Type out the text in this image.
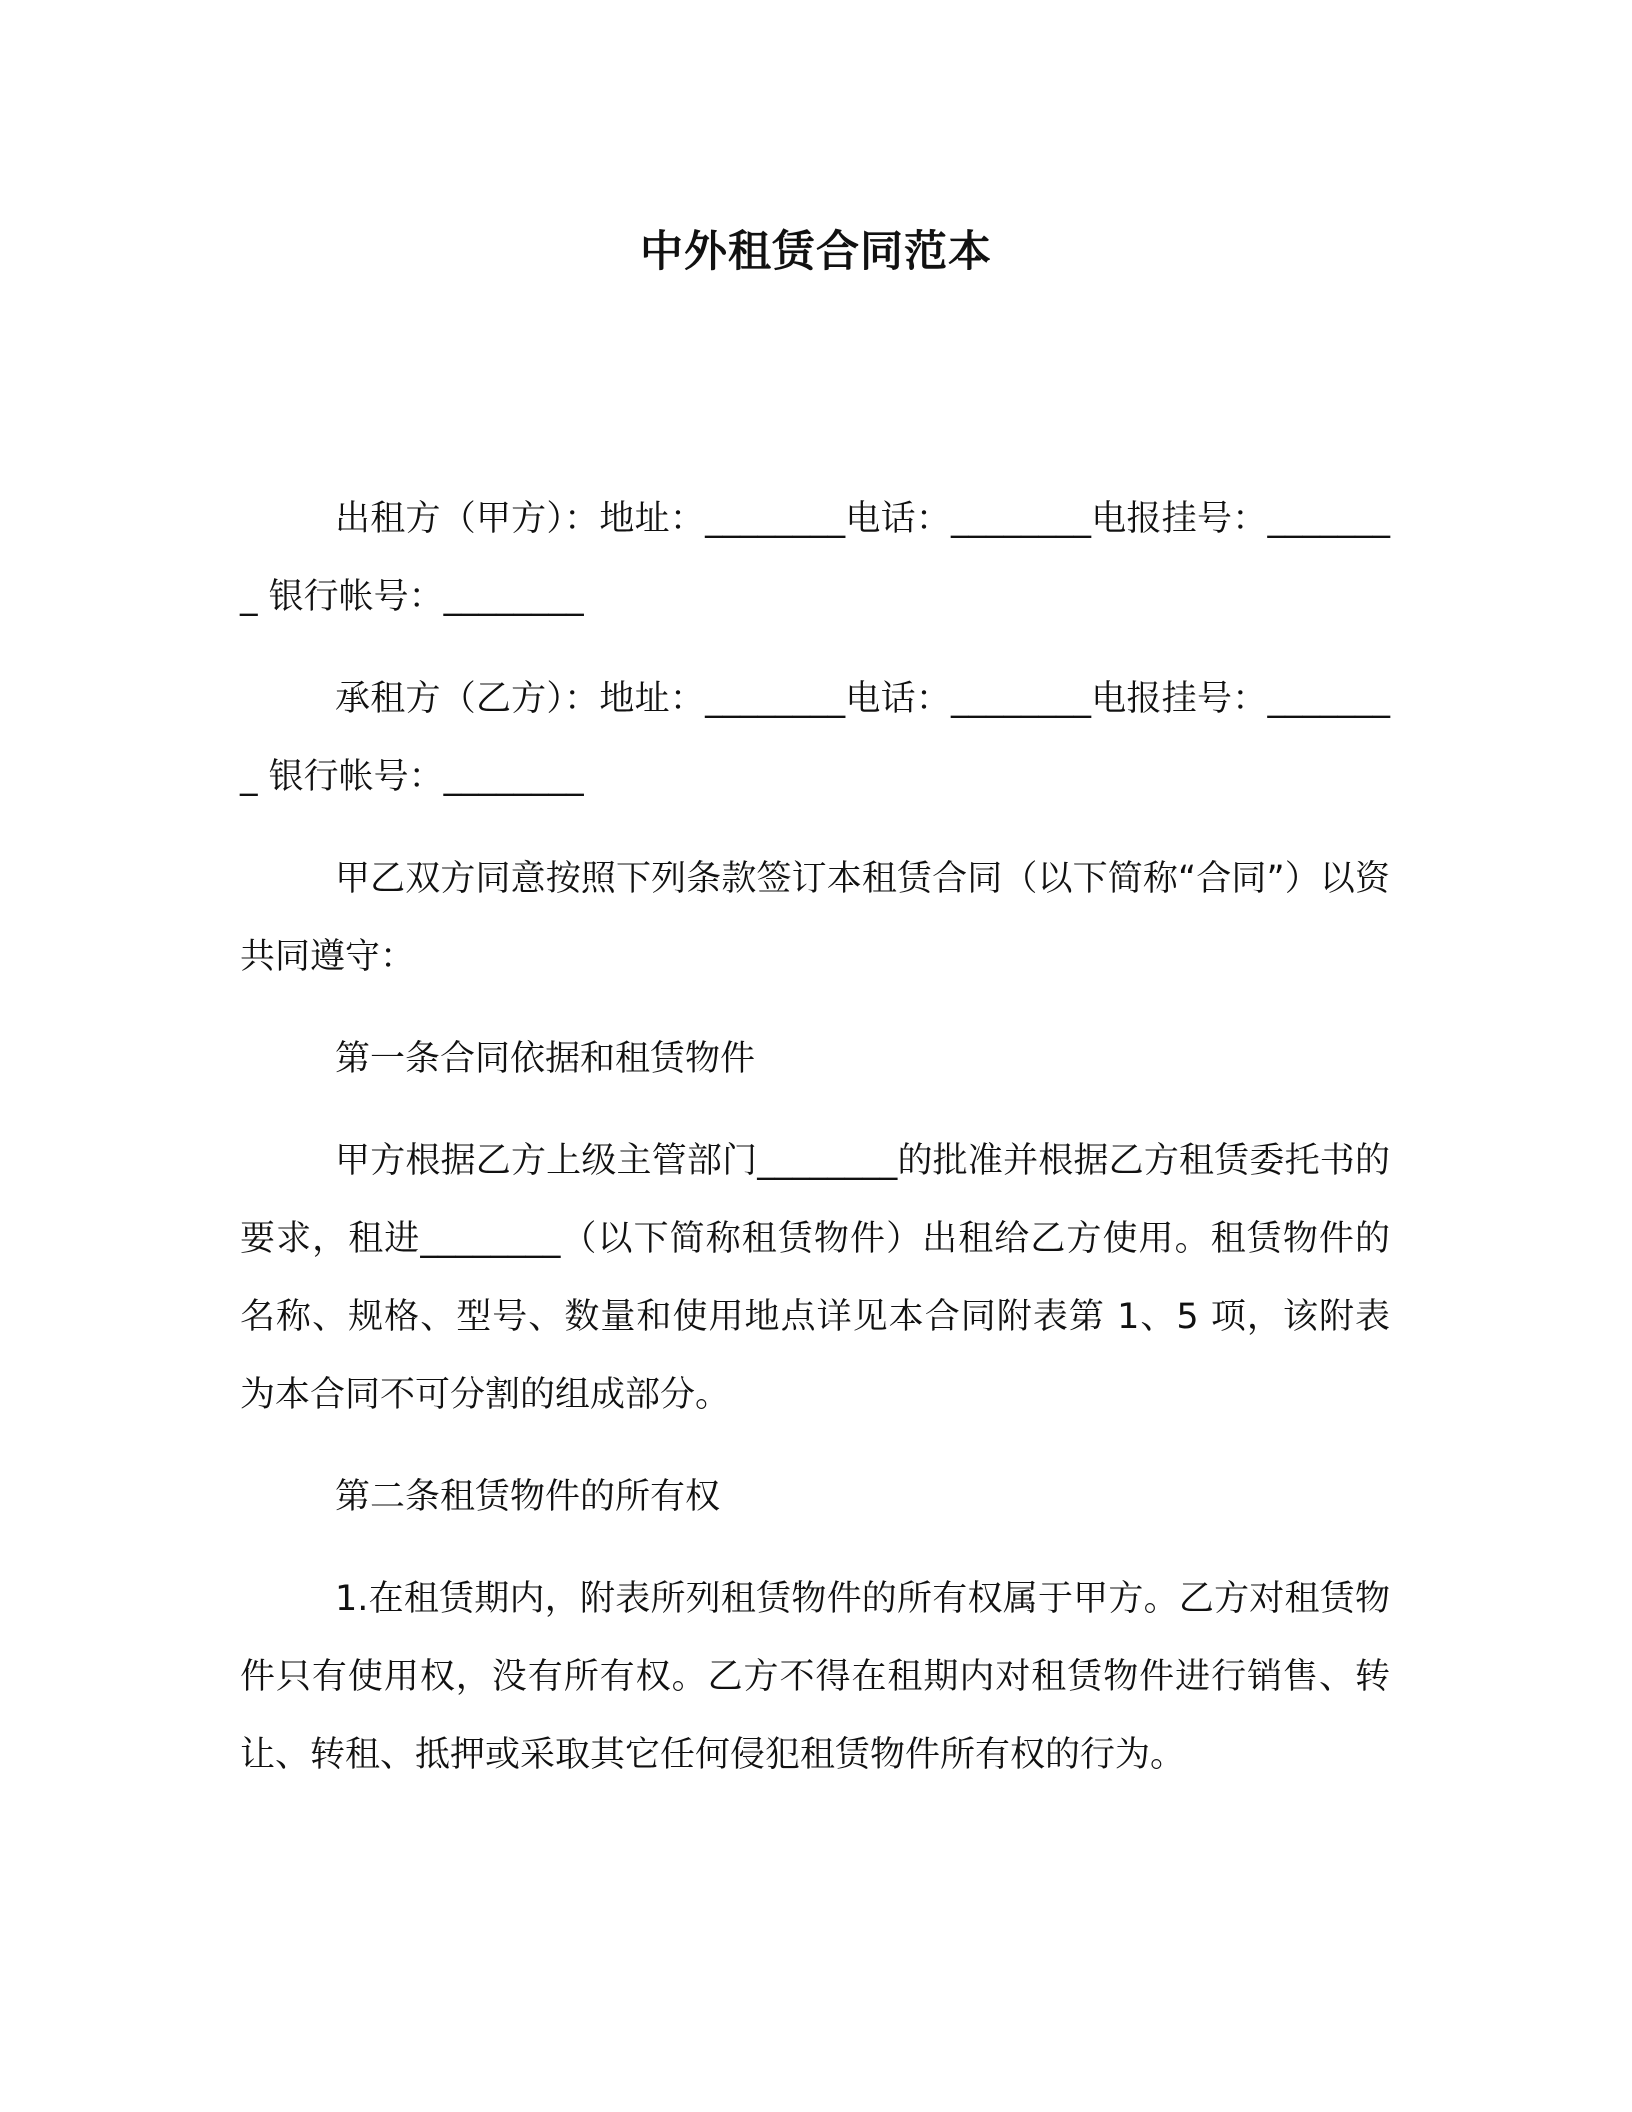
中外租赁合同范本

出租方（甲方）：地址：________电话：________电报挂号：________ 银行帐号：________

承租方（乙方）：地址：________电话：________电报挂号：________ 银行帐号：________

甲乙双方同意按照下列条款签订本租赁合同（以下简称“合同”）以资共同遵守：

第一条合同依据和租赁物件

甲方根据乙方上级主管部门________的批准并根据乙方租赁委托书的要求，租进________（以下简称租赁物件）出租给乙方使用。租赁物件的名称、规格、型号、数量和使用地点详见本合同附表第 1、5 项，该附表为本合同不可分割的组成部分。

第二条租赁物件的所有权

1.在租赁期内，附表所列租赁物件的所有权属于甲方。乙方对租赁物件只有使用权，没有所有权。乙方不得在租期内对租赁物件进行销售、转让、转租、抵押或采取其它任何侵犯租赁物件所有权的行为。
